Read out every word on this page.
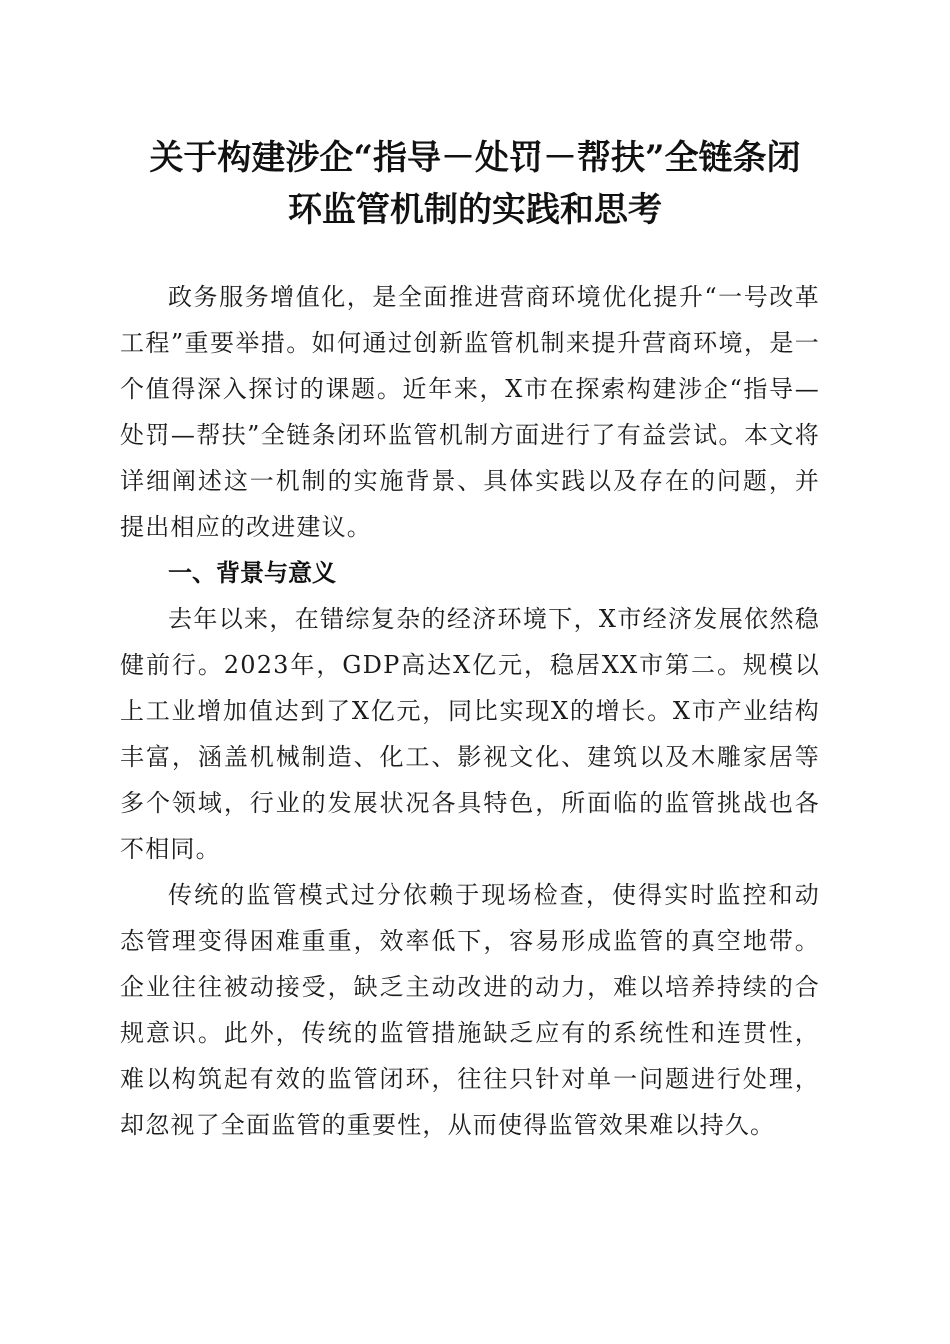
关于构建涉企“指导－处罚－帮扶”全链条闭
环监管机制的实践和思考

政务服务增值化，是全面推进营商环境优化提升“一号改革工程”重要举措。如何通过创新监管机制来提升营商环境，是一个值得深入探讨的课题。近年来，X市在探索构建涉企“指导—处罚—帮扶”全链条闭环监管机制方面进行了有益尝试。本文将详细阐述这一机制的实施背景、具体实践以及存在的问题，并提出相应的改进建议。

一、背景与意义

去年以来，在错综复杂的经济环境下，X市经济发展依然稳健前行。2023年，GDP高达X亿元，稳居XX市第二。规模以上工业增加值达到了X亿元，同比实现X的增长。X市产业结构丰富，涵盖机械制造、化工、影视文化、建筑以及木雕家居等多个领域，行业的发展状况各具特色，所面临的监管挑战也各不相同。

传统的监管模式过分依赖于现场检查，使得实时监控和动态管理变得困难重重，效率低下，容易形成监管的真空地带。企业往往被动接受，缺乏主动改进的动力，难以培养持续的合规意识。此外，传统的监管措施缺乏应有的系统性和连贯性，难以构筑起有效的监管闭环，往往只针对单一问题进行处理，却忽视了全面监管的重要性，从而使得监管效果难以持久。
